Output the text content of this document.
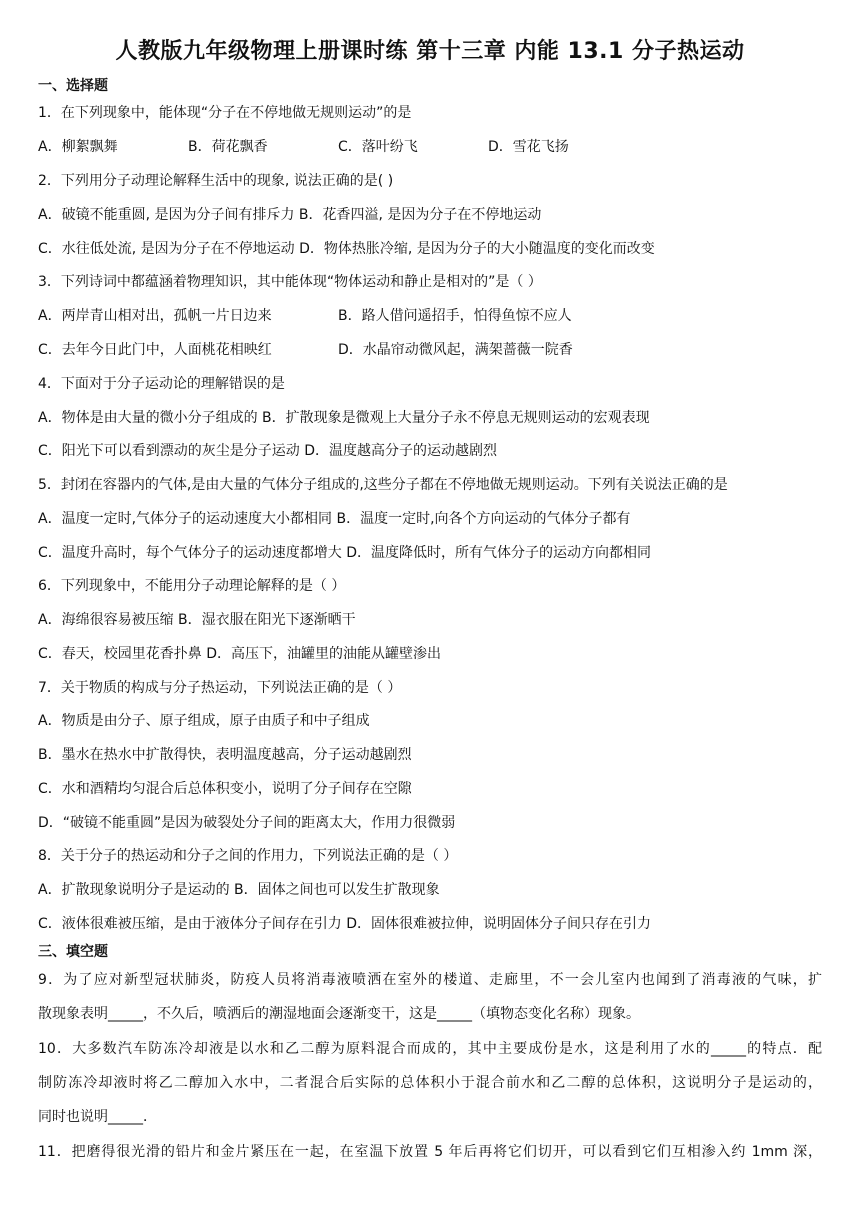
人教版九年级物理上册课时练 第十三章 内能 13.1 分子热运动
一、选择题
1．在下列现象中，能体现“分子在不停地做无规则运动”的是
A．柳絮飘舞	B．荷花飘香	C．落叶纷飞	D．雪花飞扬
2．下列用分子动理论解释生活中的现象, 说法正确的是( )
A．破镜不能重圆, 是因为分子间有排斥力 B．花香四溢, 是因为分子在不停地运动
C．水往低处流, 是因为分子在不停地运动 D．物体热胀冷缩, 是因为分子的大小随温度的变化而改变
3．下列诗词中都蕴涵着物理知识，其中能体现“物体运动和静止是相对的”是（ ）
A．两岸青山相对出，孤帆一片日边来	B．路人借问遥招手，怕得鱼惊不应人
C．去年今日此门中，人面桃花相映红	D．水晶帘动微风起，满架蔷薇一院香
4．下面对于分子运动论的理解错误的是
A．物体是由大量的微小分子组成的 B．扩散现象是微观上大量分子永不停息无规则运动的宏观表现
C．阳光下可以看到漂动的灰尘是分子运动 D．温度越高分子的运动越剧烈
5．封闭在容器内的气体,是由大量的气体分子组成的,这些分子都在不停地做无规则运动。下列有关说法正确的是
A．温度一定时,气体分子的运动速度大小都相同 B．温度一定时,向各个方向运动的气体分子都有
C．温度升高时，每个气体分子的运动速度都增大 D．温度降低时，所有气体分子的运动方向都相同
6．下列现象中，不能用分子动理论解释的是（ ）
A．海绵很容易被压缩 B．湿衣服在阳光下逐渐晒干
C．春天，校园里花香扑鼻 D．高压下，油罐里的油能从罐壁渗出
7．关于物质的构成与分子热运动，下列说法正确的是（ ）
A．物质是由分子、原子组成，原子由质子和中子组成
B．墨水在热水中扩散得快，表明温度越高，分子运动越剧烈
C．水和酒精均匀混合后总体积变小，说明了分子间存在空隙
D．“破镜不能重圆”是因为破裂处分子间的距离太大，作用力很微弱
8．关于分子的热运动和分子之间的作用力，下列说法正确的是（ ）
A．扩散现象说明分子是运动的 B．固体之间也可以发生扩散现象
C．液体很难被压缩，是由于液体分子间存在引力 D．固体很难被拉伸，说明固体分子间只存在引力
三、填空题
9．为了应对新型冠状肺炎，防疫人员将消毒液喷洒在室外的楼道、走廊里，不一会儿室内也闻到了消毒液的气味，扩
散现象表明_____，不久后，喷洒后的潮湿地面会逐渐变干，这是_____（填物态变化名称）现象。
10．大多数汽车防冻冷却液是以水和乙二醇为原料混合而成的，其中主要成份是水，这是利用了水的_____的特点．配
制防冻冷却液时将乙二醇加入水中，二者混合后实际的总体积小于混合前水和乙二醇的总体积，这说明分子是运动的，
同时也说明_____．
11．把磨得很光滑的铅片和金片紧压在一起，在室温下放置 5 年后再将它们切开，可以看到它们互相渗入约 1mm 深，
